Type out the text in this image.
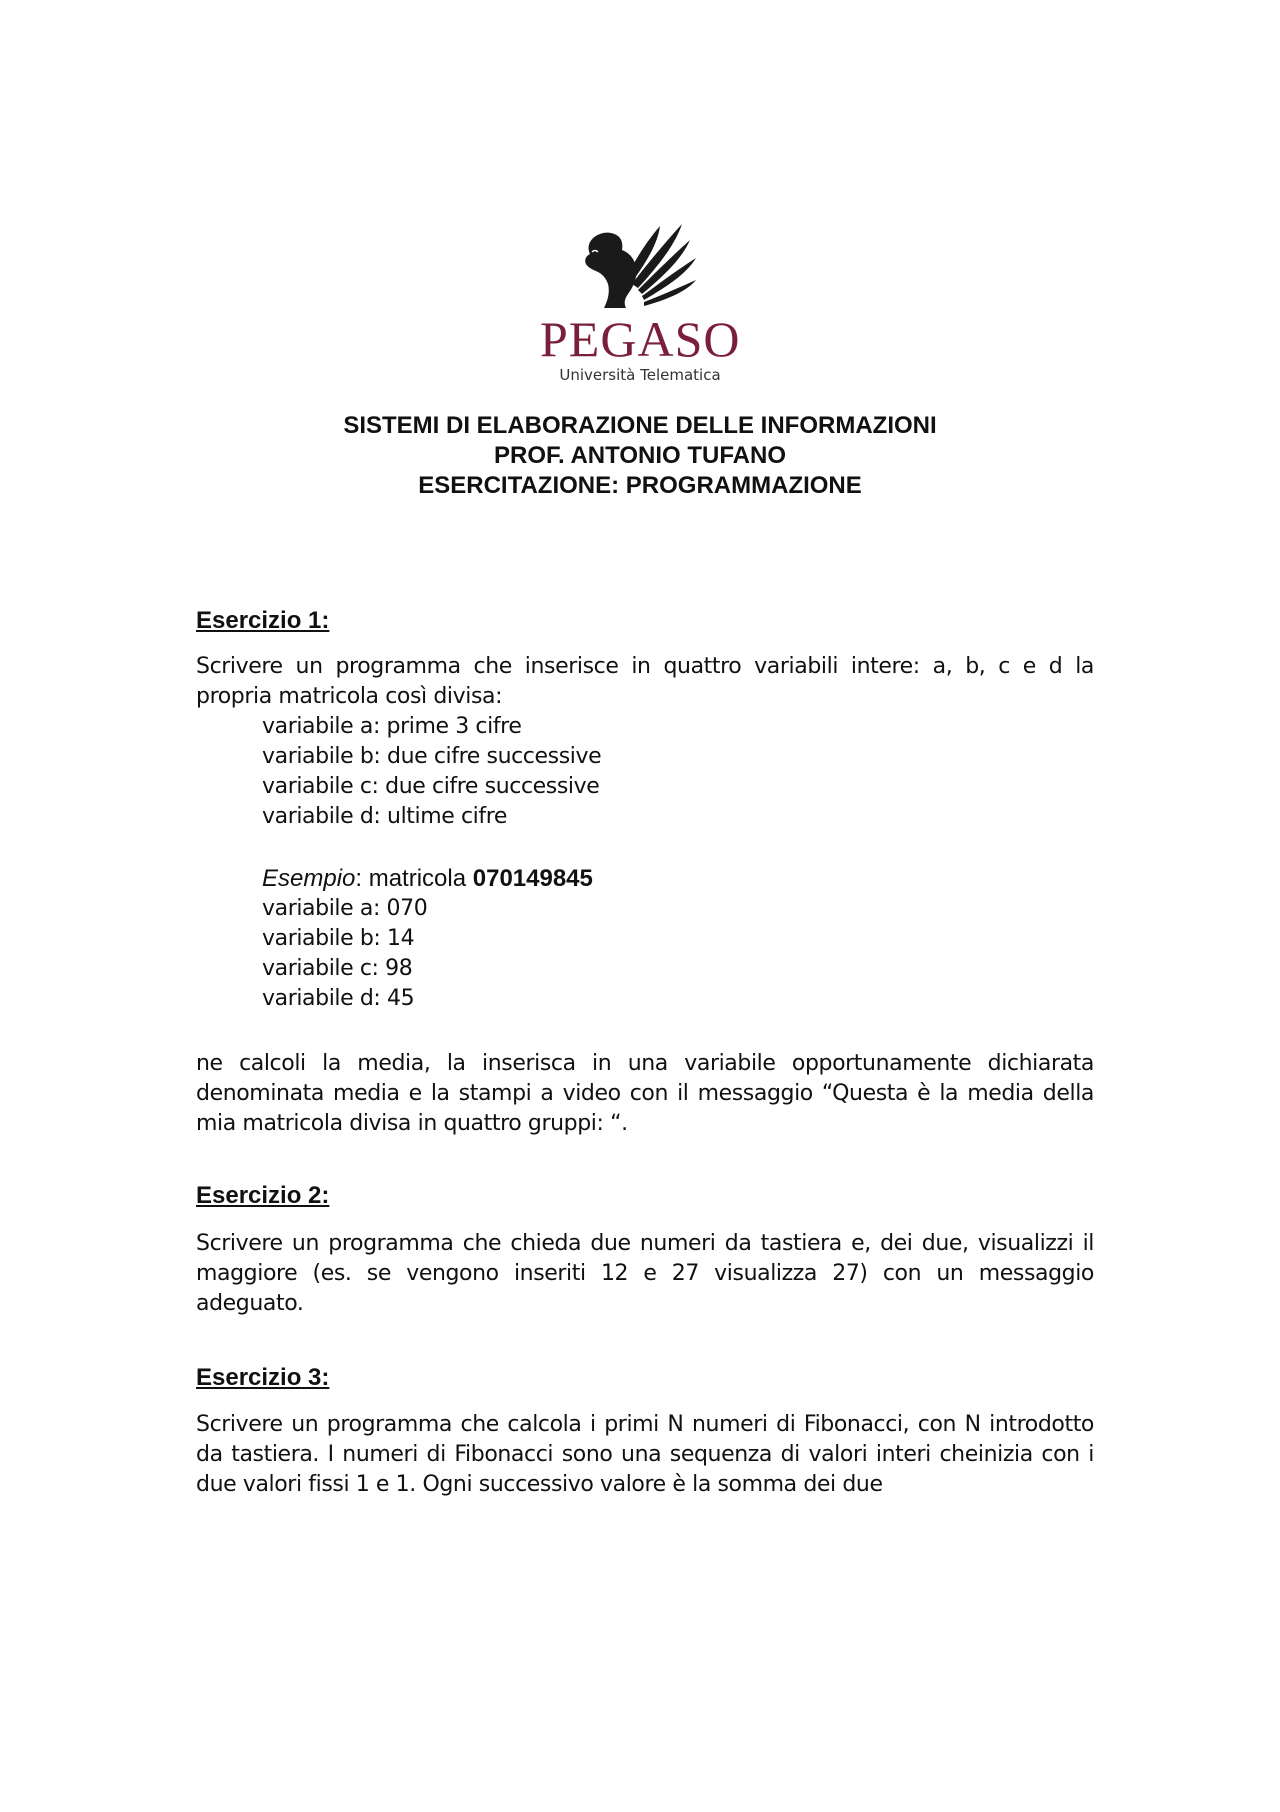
PEGASO
Università Telematica
SISTEMI DI ELABORAZIONE DELLE INFORMAZIONI
PROF. ANTONIO TUFANO
ESERCITAZIONE: PROGRAMMAZIONE
Esercizio 1:
Scrivere un programma che inserisce in quattro variabili intere: a, b, c e d la
propria matricola così divisa:
variabile a: prime 3 cifre
variabile b: due cifre successive
variabile c: due cifre successive
variabile d: ultime cifre
Esempio: matricola 070149845
variabile a: 070
variabile b: 14
variabile c: 98
variabile d: 45
ne calcoli la media, la inserisca in una variabile opportunamente dichiarata
denominata media e la stampi a video con il messaggio “Questa è la media della
mia matricola divisa in quattro gruppi: “.
Esercizio 2:
Scrivere un programma che chieda due numeri da tastiera e, dei due, visualizzi il
maggiore (es. se vengono inseriti 12 e 27 visualizza 27) con un messaggio
adeguato.
Esercizio 3:
Scrivere un programma che calcola i primi N numeri di Fibonacci, con N introdotto
da tastiera. I numeri di Fibonacci sono una sequenza di valori interi cheinizia con i
due valori fissi 1 e 1. Ogni successivo valore è la somma dei due
